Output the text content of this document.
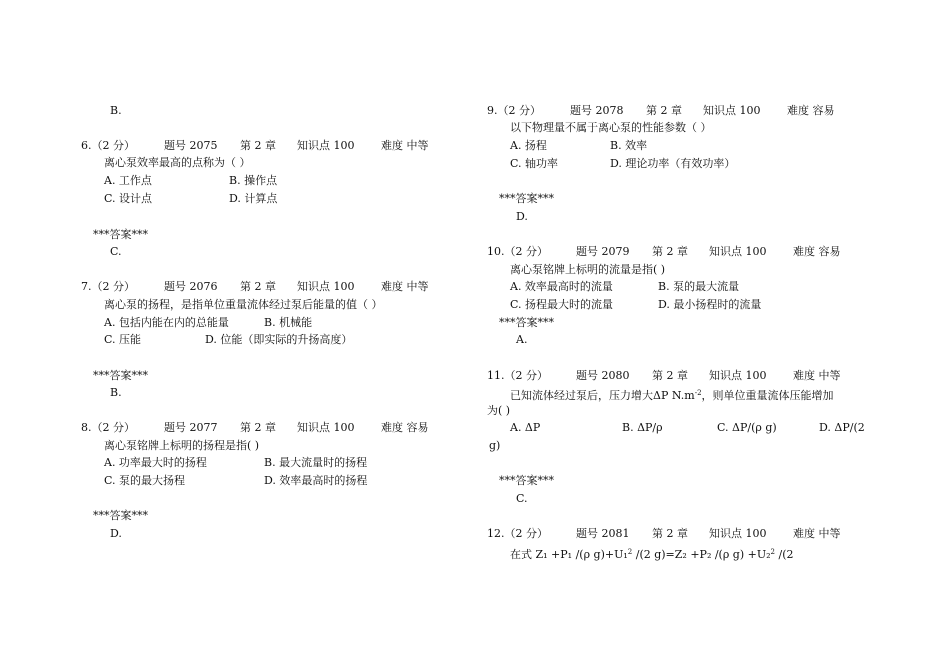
B.
6.（2 分）	题号 2075 第 2 章 知识点 100 难度 中等
离心泵效率最高的点称为（ ）
A. 工作点	B. 操作点
C. 设计点	D. 计算点
***答案***
C.
7.（2 分）	题号 2076 第 2 章 知识点 100 难度 中等
离心泵的扬程，是指单位重量流体经过泵后能量的值（ ）
A. 包括内能在内的总能量	B. 机械能
C. 压能	D. 位能（即实际的升扬高度）
***答案***
B.
8.（2 分）	题号 2077 第 2 章 知识点 100 难度 容易
离心泵铭牌上标明的扬程是指( )
A. 功率最大时的扬程	B. 最大流量时的扬程
C. 泵的最大扬程	D. 效率最高时的扬程
***答案***
D.
9.（2 分）	题号 2078 第 2 章 知识点 100 难度 容易
以下物理量不属于离心泵的性能参数（ ）
A. 扬程	B. 效率
C. 轴功率	D. 理论功率（有效功率）
***答案***
D.
10.（2 分）	题号 2079 第 2 章 知识点 100 难度 容易
离心泵铭牌上标明的流量是指( )
A. 效率最高时的流量	B. 泵的最大流量
C. 扬程最大时的流量	D. 最小扬程时的流量
***答案***
A.
11.（2 分）	题号 2080 第 2 章 知识点 100 难度 中等
已知流体经过泵后，压力增大ΔP $N.m^{-2}$，则单位重量流体压能增加
为( )
A. ΔP	B. ΔP/ρ	C. ΔP/(ρ g)	D. ΔP/(2
g)
***答案***
C.
12.（2 分）	题号 2081 第 2 章 知识点 100 难度 中等
在式 Z₁ +P₁ /(ρ g)+U₁$^2$ /(2 g)=Z₂ +P₂ /(ρ g) +U₂$^2$ /(2
